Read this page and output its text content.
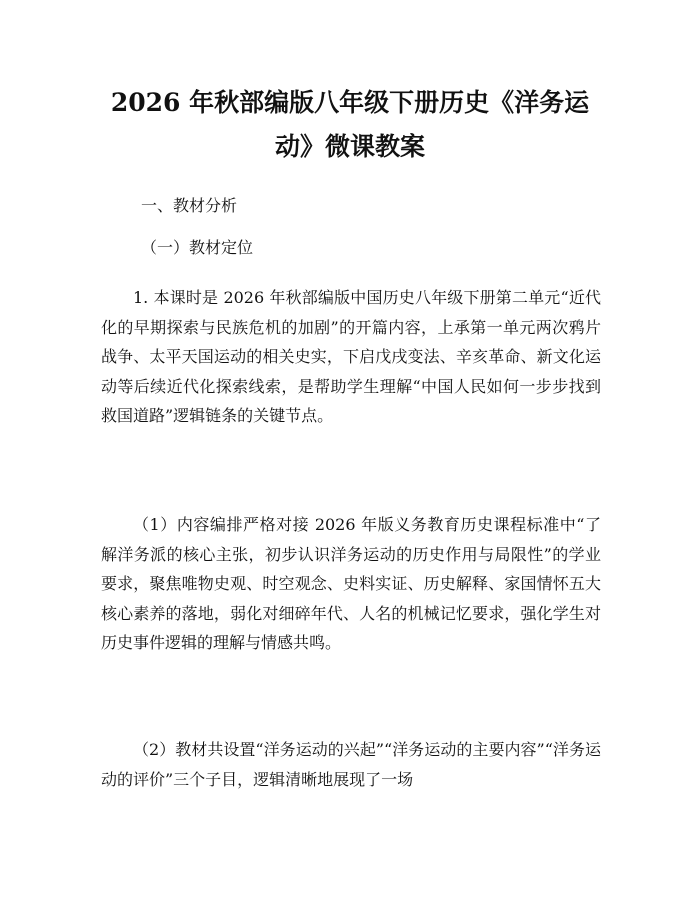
2026 年秋部编版八年级下册历史《洋务运
动》微课教案

一、教材分析

（一）教材定位

1. 本课时是 2026 年秋部编版中国历史八年级下册第二单元“近代化的早期探索与民族危机的加剧”的开篇内容，上承第一单元两次鸦片战争、太平天国运动的相关史实，下启戊戌变法、辛亥革命、新文化运动等后续近代化探索线索，是帮助学生理解“中国人民如何一步步找到救国道路”逻辑链条的关键节点。

（1）内容编排严格对接 2026 年版义务教育历史课程标准中“了解洋务派的核心主张，初步认识洋务运动的历史作用与局限性”的学业要求，聚焦唯物史观、时空观念、史料实证、历史解释、家国情怀五大核心素养的落地，弱化对细碎年代、人名的机械记忆要求，强化学生对历史事件逻辑的理解与情感共鸣。

（2）教材共设置“洋务运动的兴起”“洋务运动的主要内容”“洋务运动的评价”三个子目，逻辑清晰地展现了一场
